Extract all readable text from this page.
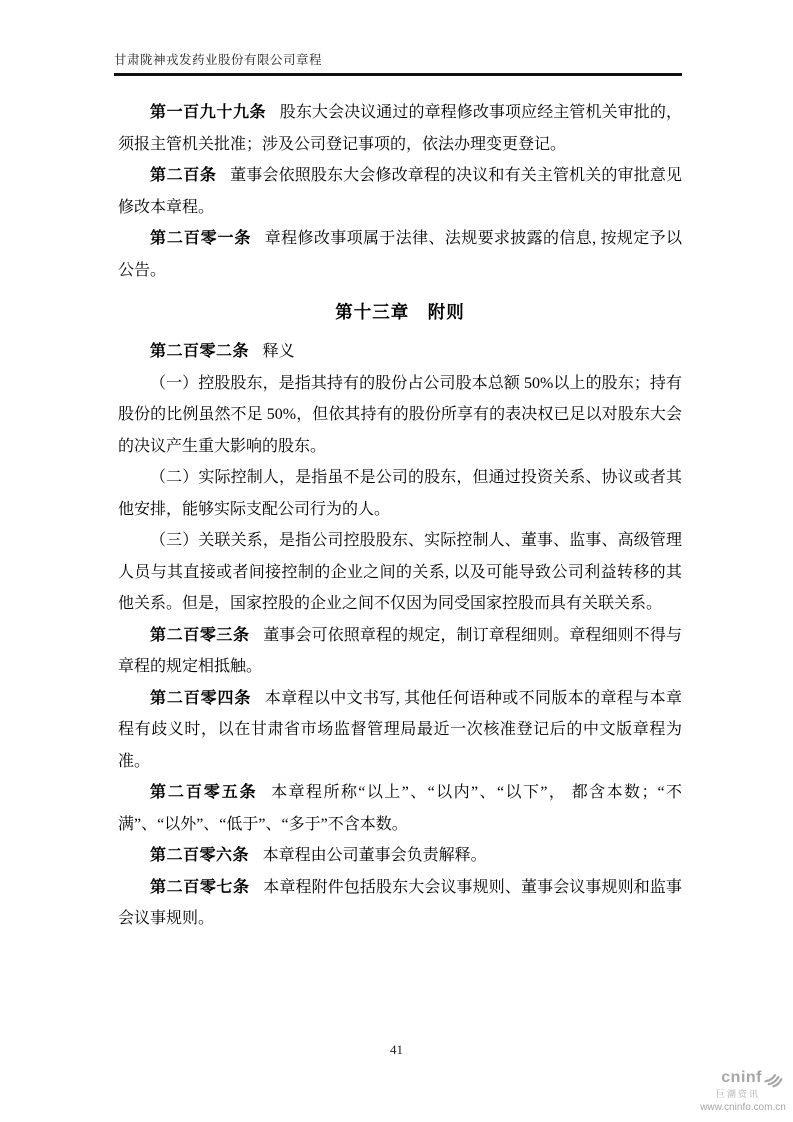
甘肃陇神戎发药业股份有限公司章程

第一百九十九条 股东大会决议通过的章程修改事项应经主管机关审批的，须报主管机关批准；涉及公司登记事项的，依法办理变更登记。

第二百条 董事会依照股东大会修改章程的决议和有关主管机关的审批意见修改本章程。

第二百零一条 章程修改事项属于法律、法规要求披露的信息, 按规定予以公告。

第十三章　附则

第二百零二条 释义

（一）控股股东，是指其持有的股份占公司股本总额 50%以上的股东；持有股份的比例虽然不足 50%，但依其持有的股份所享有的表决权已足以对股东大会的决议产生重大影响的股东。

（二）实际控制人，是指虽不是公司的股东，但通过投资关系、协议或者其他安排，能够实际支配公司行为的人。

（三）关联关系，是指公司控股股东、实际控制人、董事、监事、高级管理人员与其直接或者间接控制的企业之间的关系, 以及可能导致公司利益转移的其他关系。但是，国家控股的企业之间不仅因为同受国家控股而具有关联关系。

第二百零三条 董事会可依照章程的规定，制订章程细则。章程细则不得与章程的规定相抵触。

第二百零四条 本章程以中文书写, 其他任何语种或不同版本的章程与本章程有歧义时，以在甘肃省市场监督管理局最近一次核准登记后的中文版章程为准。

第二百零五条 本章程所称“以上”、“以内”、“以下”， 都含本数；“不满”、“以外”、“低于”、“多于”不含本数。

第二百零六条 本章程由公司董事会负责解释。

第二百零七条 本章程附件包括股东大会议事规则、董事会议事规则和监事会议事规则。

41
cninf
巨潮资讯
www.cninfo.com.cn
